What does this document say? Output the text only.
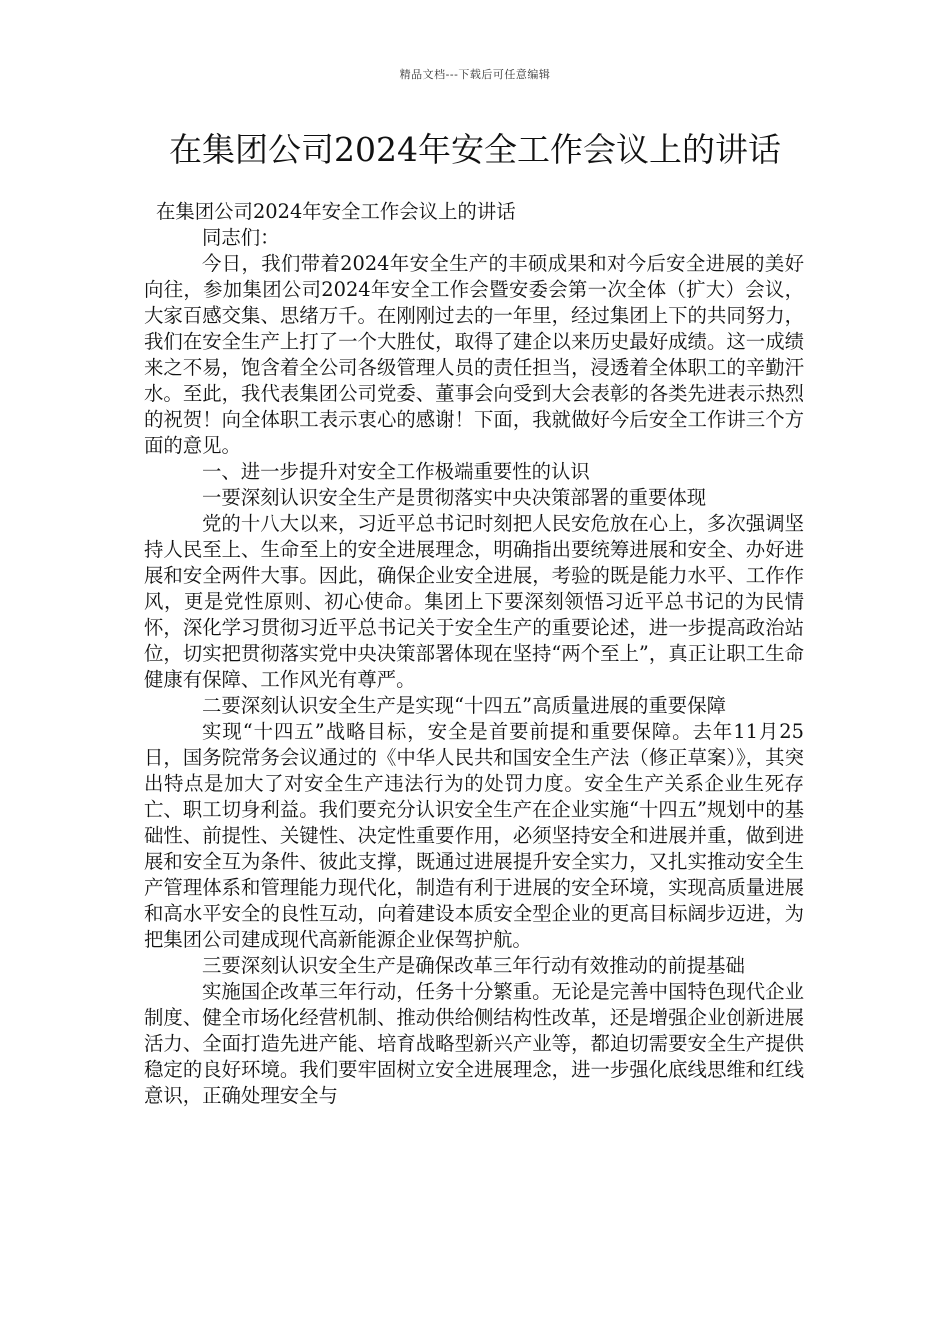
精品文档---下载后可任意编辑
在集团公司2024年安全工作会议上的讲话

在集团公司2024年安全工作会议上的讲话

同志们：

今日，我们带着2024年安全生产的丰硕成果和对今后安全进展的美好向往，参加集团公司2024年安全工作会暨安委会第一次全体（扩大）会议，大家百感交集、思绪万千。在刚刚过去的一年里，经过集团上下的共同努力，我们在安全生产上打了一个大胜仗，取得了建企以来历史最好成绩。这一成绩来之不易，饱含着全公司各级管理人员的责任担当，浸透着全体职工的辛勤汗水。至此，我代表集团公司党委、董事会向受到大会表彰的各类先进表示热烈的祝贺！向全体职工表示衷心的感谢！下面，我就做好今后安全工作讲三个方面的意见。

一、进一步提升对安全工作极端重要性的认识

一要深刻认识安全生产是贯彻落实中央决策部署的重要体现

党的十八大以来，习近平总书记时刻把人民安危放在心上，多次强调坚持人民至上、生命至上的安全进展理念，明确指出要统筹进展和安全、办好进展和安全两件大事。因此，确保企业安全进展，考验的既是能力水平、工作作风，更是党性原则、初心使命。集团上下要深刻领悟习近平总书记的为民情怀，深化学习贯彻习近平总书记关于安全生产的重要论述，进一步提高政治站位，切实把贯彻落实党中央决策部署体现在坚持“两个至上”，真正让职工生命健康有保障、工作风光有尊严。

二要深刻认识安全生产是实现“十四五”高质量进展的重要保障

实现“十四五”战略目标，安全是首要前提和重要保障。去年11月25日，国务院常务会议通过的《中华人民共和国安全生产法（修正草案）》，其突出特点是加大了对安全生产违法行为的处罚力度。安全生产关系企业生死存亡、职工切身利益。我们要充分认识安全生产在企业实施“十四五”规划中的基础性、前提性、关键性、决定性重要作用，必须坚持安全和进展并重，做到进展和安全互为条件、彼此支撑，既通过进展提升安全实力，又扎实推动安全生产管理体系和管理能力现代化，制造有利于进展的安全环境，实现高质量进展和高水平安全的良性互动，向着建设本质安全型企业的更高目标阔步迈进，为把集团公司建成现代高新能源企业保驾护航。

三要深刻认识安全生产是确保改革三年行动有效推动的前提基础

实施国企改革三年行动，任务十分繁重。无论是完善中国特色现代企业制度、健全市场化经营机制、推动供给侧结构性改革，还是增强企业创新进展活力、全面打造先进产能、培育战略型新兴产业等，都迫切需要安全生产提供稳定的良好环境。我们要牢固树立安全进展理念，进一步强化底线思维和红线意识，正确处理安全与
